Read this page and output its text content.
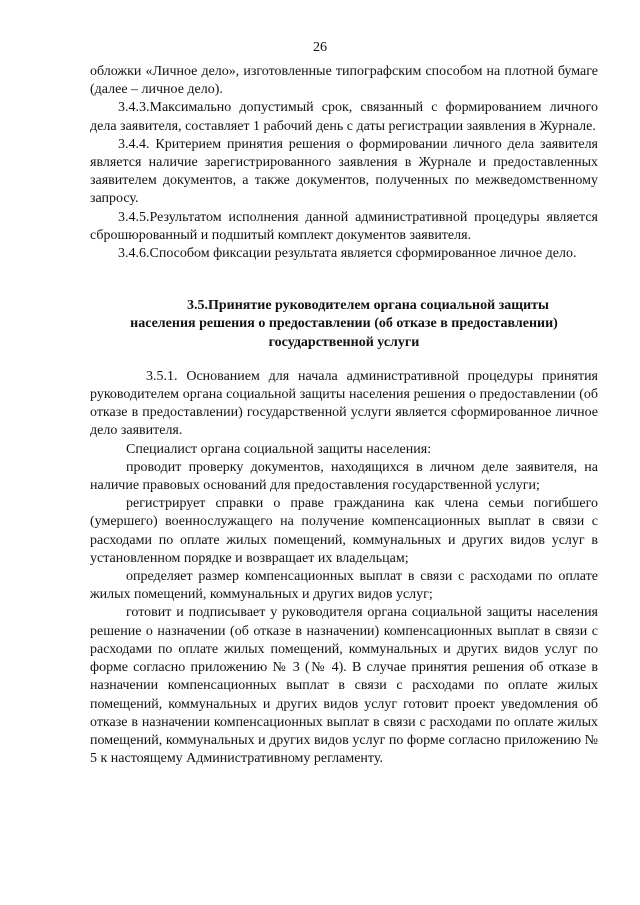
26

обложки «Личное дело», изготовленные типографским способом на плотной бумаге (далее – личное дело).

3.4.3.Максимально допустимый срок, связанный с формированием личного дела заявителя, составляет 1 рабочий день с даты регистрации заявления в Журнале.

3.4.4. Критерием принятия решения о формировании личного дела заявителя является наличие зарегистрированного заявления в Журнале и предоставленных заявителем документов, а также документов, полученных по межведомственному запросу.

3.4.5.Результатом исполнения данной административной процедуры является сброшюрованный и подшитый комплект документов заявителя.

3.4.6.Способом фиксации результата является сформированное личное дело.

3.5.Принятие руководителем органа социальной защиты

населения решения о предоставлении (об отказе в предоставлении)

государственной услуги

3.5.1. Основанием для начала административной процедуры принятия руководителем органа социальной защиты населения решения о предоставлении (об отказе в предоставлении) государственной услуги является сформированное личное дело заявителя.

Специалист органа социальной защиты населения:

проводит проверку документов, находящихся в личном деле заявителя, на наличие правовых оснований для предоставления государственной услуги;

регистрирует справки о праве гражданина как члена семьи погибшего (умершего) военнослужащего на получение компенсационных выплат в связи с расходами по оплате жилых помещений, коммунальных и других видов услуг в установленном порядке и возвращает их владельцам;

определяет размер компенсационных выплат в связи с расходами по оплате жилых помещений, коммунальных и других видов услуг;

готовит и подписывает у руководителя органа социальной защиты населения решение о назначении (об отказе в назначении) компенсационных выплат в связи с расходами по оплате жилых помещений, коммунальных и других видов услуг по форме согласно приложению № 3 (№ 4). В случае принятия решения об отказе в назначении компенсационных выплат в связи с расходами по оплате жилых помещений, коммунальных и других видов услуг готовит проект уведомления об отказе в назначении компенсационных выплат в связи с расходами по оплате жилых помещений, коммунальных и других видов услуг по форме согласно приложению № 5 к настоящему Административному регламенту.
